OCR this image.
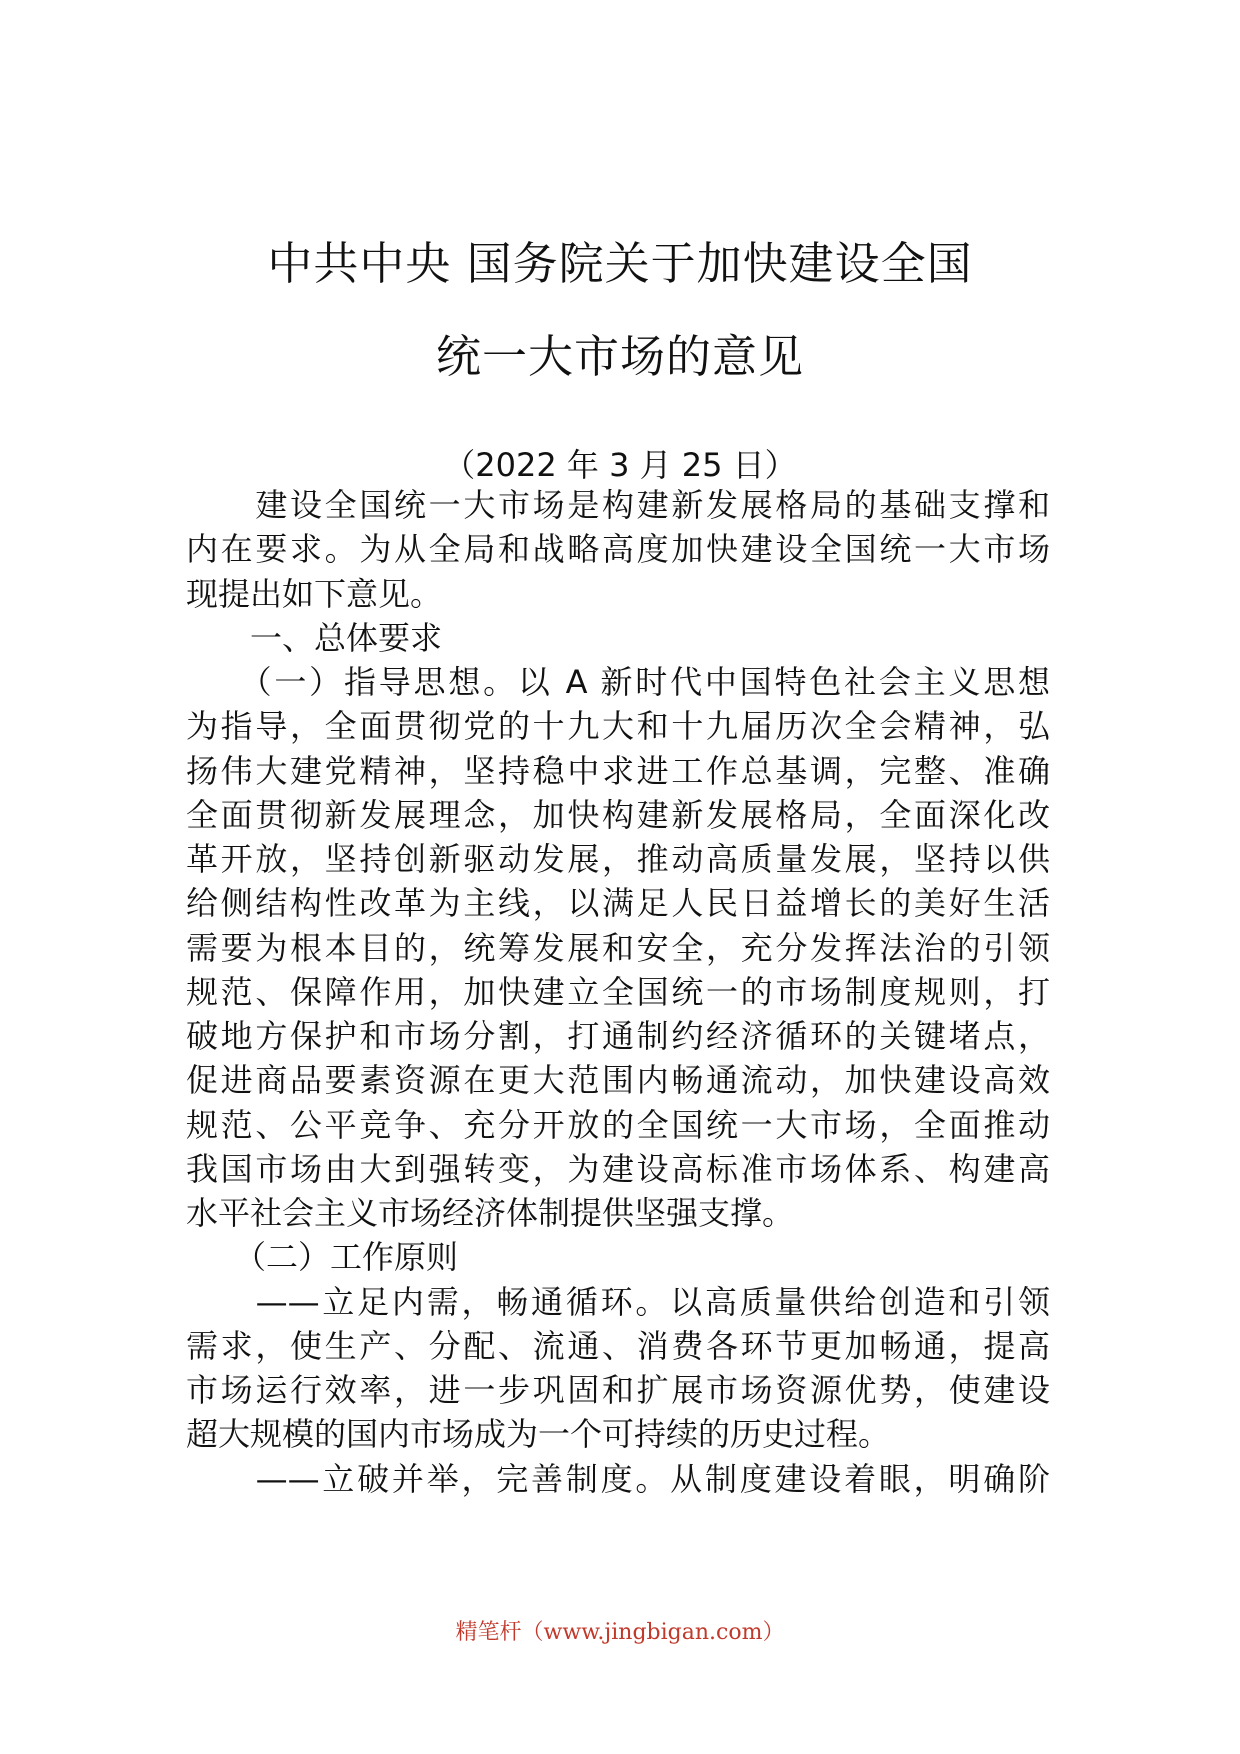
中共中央 国务院关于加快建设全国
统一大市场的意见
（2022 年 3 月 25 日）
　　建设全国统一大市场是构建新发展格局的基础支撑和
内在要求。为从全局和战略高度加快建设全国统一大市场
现提出如下意见。
　　一、总体要求
　　（一）指导思想。以 A 新时代中国特色社会主义思想
为指导，全面贯彻党的十九大和十九届历次全会精神，弘
扬伟大建党精神，坚持稳中求进工作总基调，完整、准确
全面贯彻新发展理念，加快构建新发展格局，全面深化改
革开放，坚持创新驱动发展，推动高质量发展，坚持以供
给侧结构性改革为主线，以满足人民日益增长的美好生活
需要为根本目的，统筹发展和安全，充分发挥法治的引领
规范、保障作用，加快建立全国统一的市场制度规则，打
破地方保护和市场分割，打通制约经济循环的关键堵点，
促进商品要素资源在更大范围内畅通流动，加快建设高效
规范、公平竞争、充分开放的全国统一大市场，全面推动
我国市场由大到强转变，为建设高标准市场体系、构建高
水平社会主义市场经济体制提供坚强支撑。
　　（二）工作原则
　　——立足内需，畅通循环。以高质量供给创造和引领
需求，使生产、分配、流通、消费各环节更加畅通，提高
市场运行效率，进一步巩固和扩展市场资源优势，使建设
超大规模的国内市场成为一个可持续的历史过程。
　　——立破并举，完善制度。从制度建设着眼，明确阶
精笔杆（www.jingbigan.com）
